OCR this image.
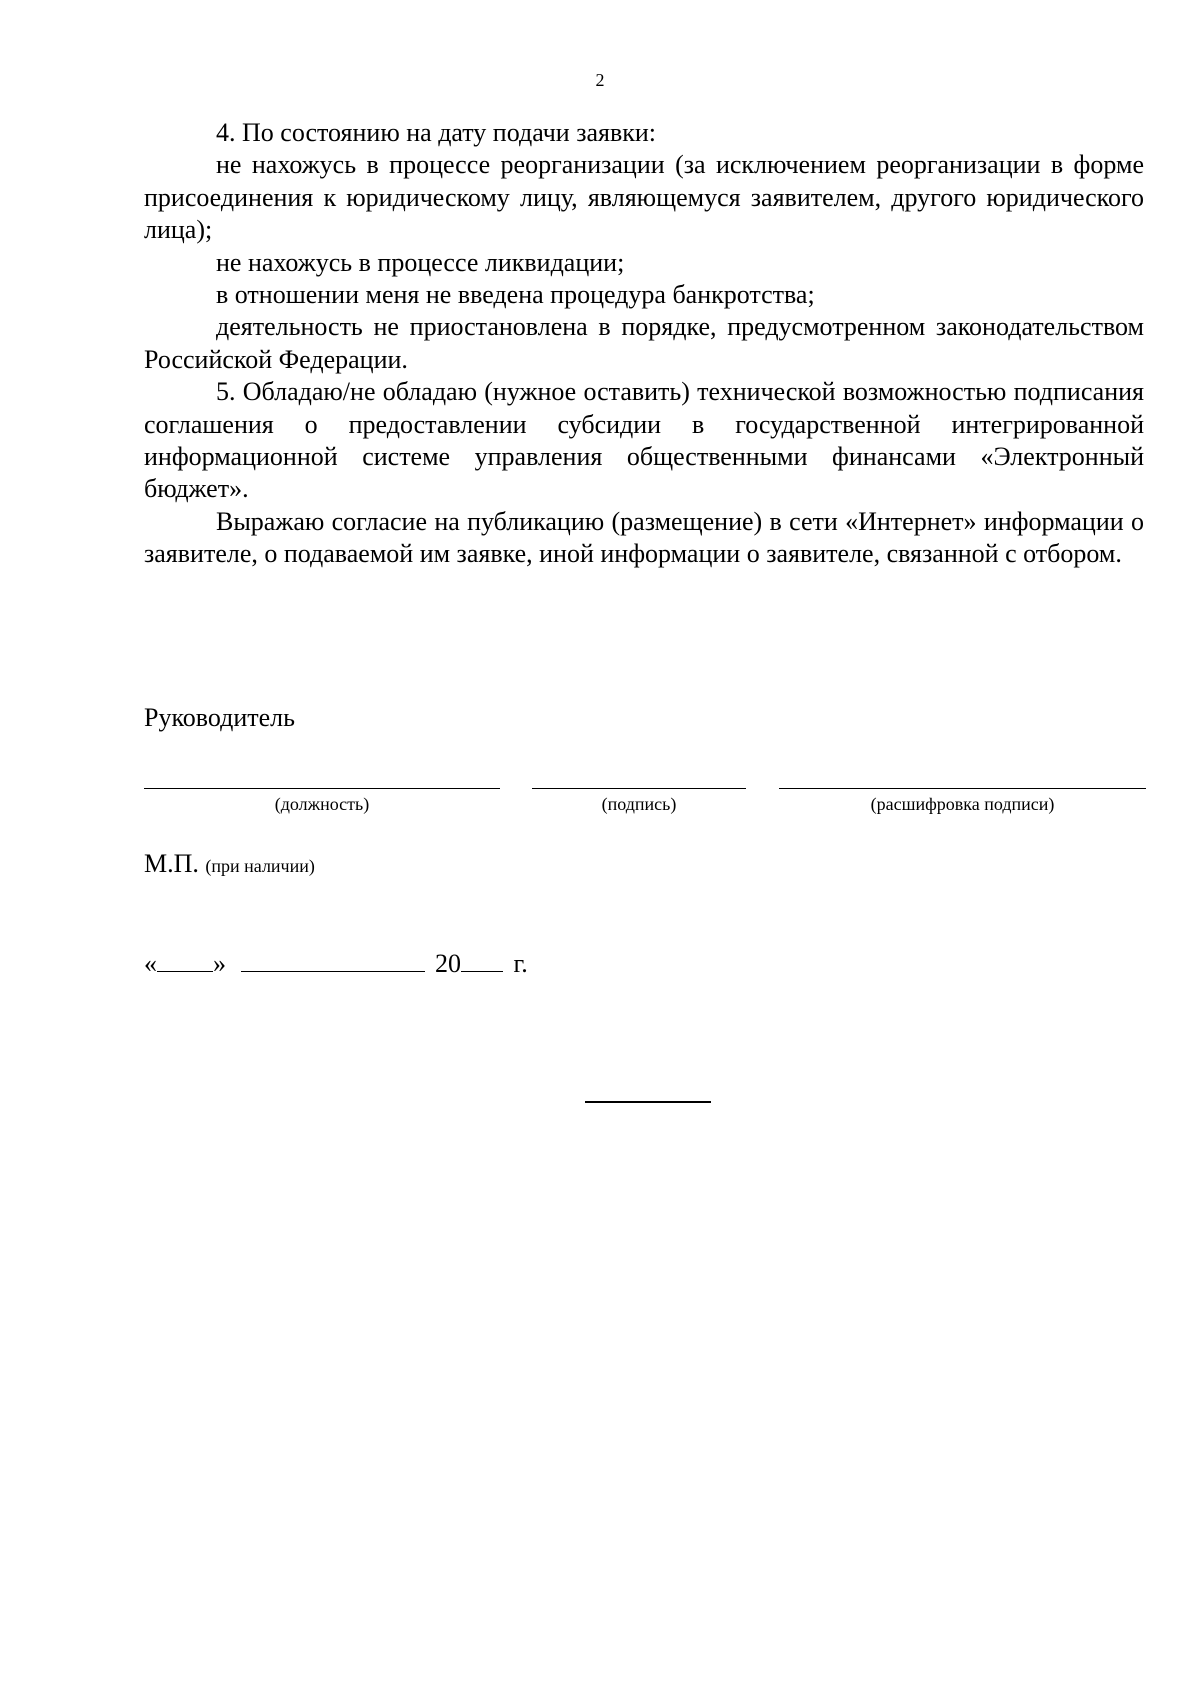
2

4. По состоянию на дату подачи заявки:

не нахожусь в процессе реорганизации (за исключением реорганизации в форме присоединения к юридическому лицу, являющемуся заявителем, другого юридического лица);

не нахожусь в процессе ликвидации;

в отношении меня не введена процедура банкротства;

деятельность не приостановлена в порядке, предусмотренном законодательством Российской Федерации.

5. Обладаю/не обладаю (нужное оставить) технической возможностью подписания соглашения о предоставлении субсидии в государственной интегрированной информационной системе управления общественными финансами «Электронный бюджет».

Выражаю согласие на публикацию (размещение) в сети «Интернет» информации о заявителе, о подаваемой им заявке, иной информации о заявителе, связанной с отбором.

Руководитель
(должность)	(подпись)	(расшифровка подписи)
М.П. (при наличии)
« »	20 г.
